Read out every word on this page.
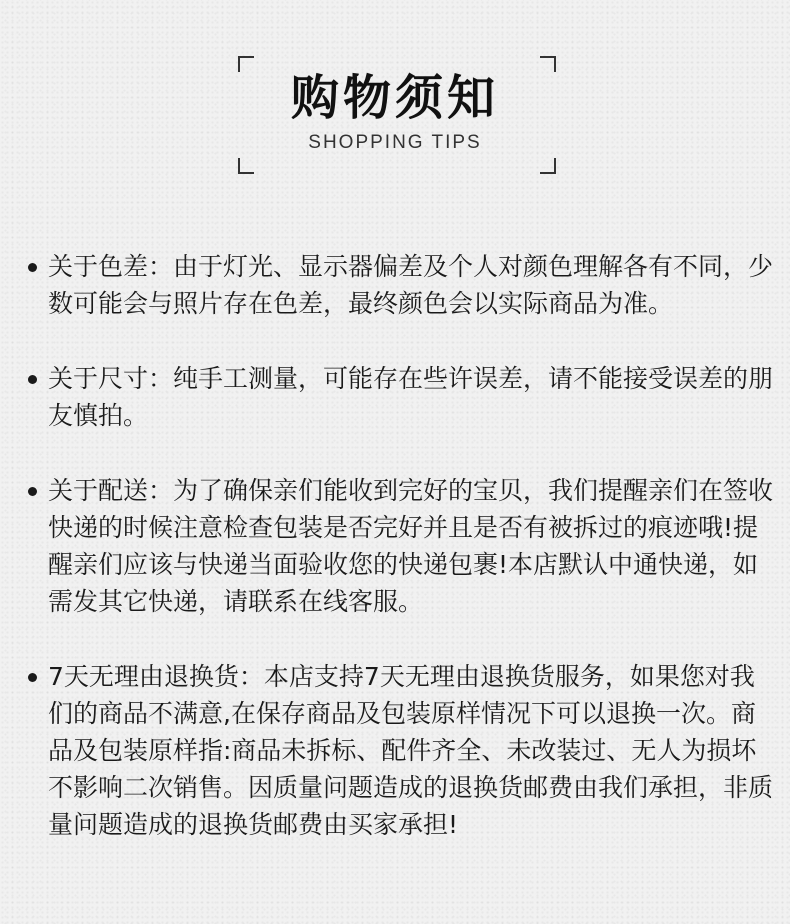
购物须知
SHOPPING TIPS
关于色差：由于灯光、显示器偏差及个人对颜色理解各有不同，少数可能会与照片存在色差，最终颜色会以实际商品为准。
关于尺寸：纯手工测量，可能存在些许误差，请不能接受误差的朋友慎拍。
关于配送：为了确保亲们能收到完好的宝贝，我们提醒亲们在签收快递的时候注意检查包装是否完好并且是否有被拆过的痕迹哦!提醒亲们应该与快递当面验收您的快递包裹!本店默认中通快递，如需发其它快递，请联系在线客服。
7天无理由退换货：本店支持7天无理由退换货服务，如果您对我们的商品不满意,在保存商品及包装原样情况下可以退换一次。商品及包装原样指:商品未拆标、配件齐全、未改装过、无人为损坏不影响二次销售。因质量问题造成的退换货邮费由我们承担，非质量问题造成的退换货邮费由买家承担!
